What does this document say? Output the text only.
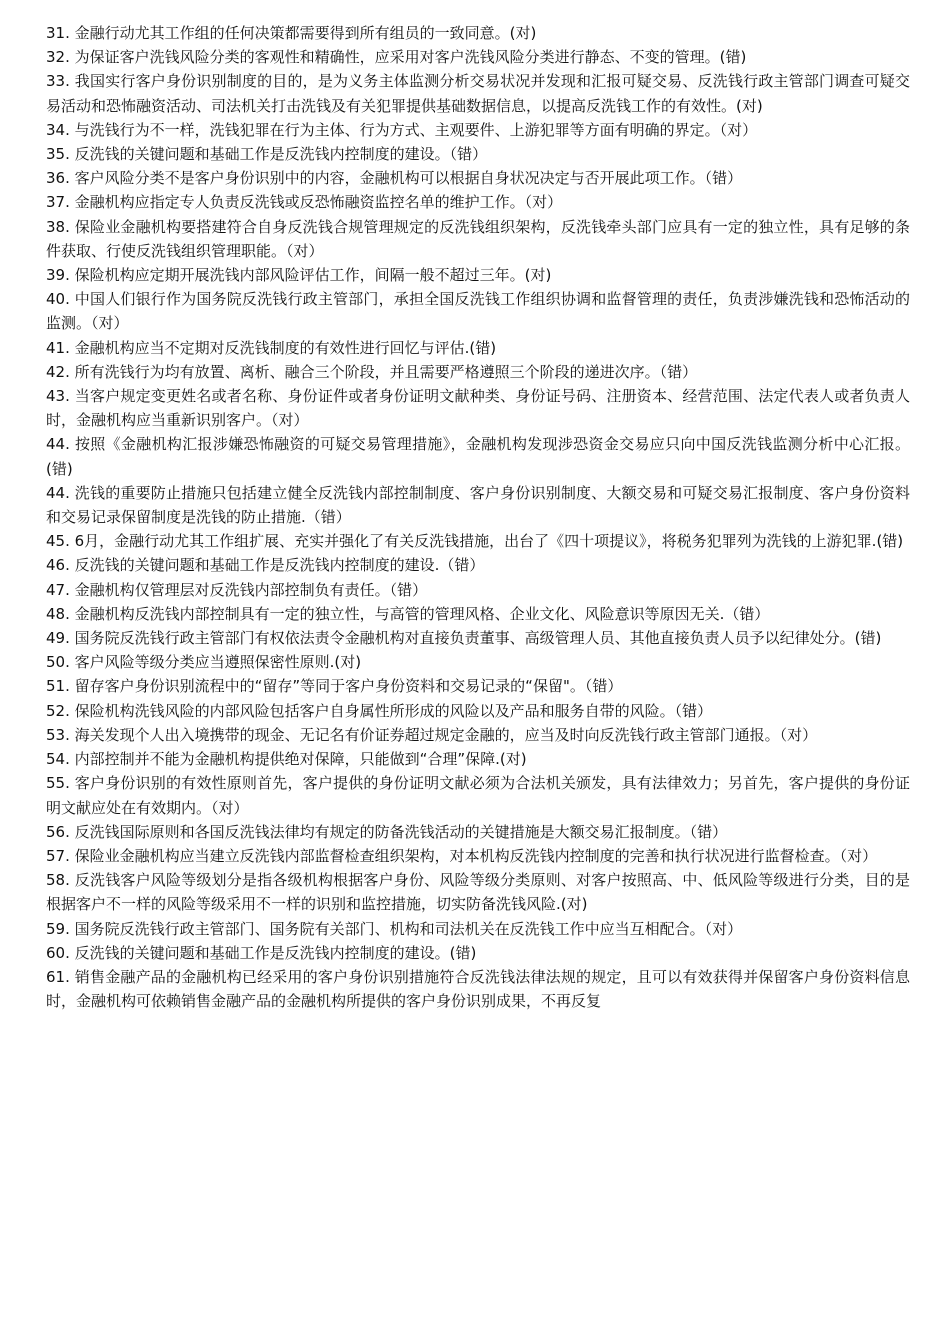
31. 金融行动尤其工作组的任何决策都需要得到所有组员的一致同意。(对)

32. 为保证客户洗钱风险分类的客观性和精确性，应采用对客户洗钱风险分类进行静态、不变的管理。(错)

33. 我国实行客户身份识别制度的目的，是为义务主体监测分析交易状况并发现和汇报可疑交易、反洗钱行政主管部门调查可疑交易活动和恐怖融资活动、司法机关打击洗钱及有关犯罪提供基础数据信息，以提高反洗钱工作的有效性。(对)

34. 与洗钱行为不一样，洗钱犯罪在行为主体、行为方式、主观要件、上游犯罪等方面有明确的界定。（对）

35. 反洗钱的关键问题和基础工作是反洗钱内控制度的建设。（错）

36. 客户风险分类不是客户身份识别中的内容，金融机构可以根据自身状况决定与否开展此项工作。（错）

37. 金融机构应指定专人负责反洗钱或反恐怖融资监控名单的维护工作。（对）

38. 保险业金融机构要搭建符合自身反洗钱合规管理规定的反洗钱组织架构，反洗钱牵头部门应具有一定的独立性，具有足够的条件获取、行使反洗钱组织管理职能。（对）

39. 保险机构应定期开展洗钱内部风险评估工作，间隔一般不超过三年。(对)

40. 中国人们银行作为国务院反洗钱行政主管部门，承担全国反洗钱工作组织协调和监督管理的责任，负责涉嫌洗钱和恐怖活动的监测。（对）

41. 金融机构应当不定期对反洗钱制度的有效性进行回忆与评估.(错)

42. 所有洗钱行为均有放置、离析、融合三个阶段，并且需要严格遵照三个阶段的递进次序。（错）

43. 当客户规定变更姓名或者名称、身份证件或者身份证明文献种类、身份证号码、注册资本、经营范围、法定代表人或者负责人时，金融机构应当重新识别客户。（对）

44. 按照《金融机构汇报涉嫌恐怖融资的可疑交易管理措施》，金融机构发现涉恐资金交易应只向中国反洗钱监测分析中心汇报。(错)

44. 洗钱的重要防止措施只包括建立健全反洗钱内部控制制度、客户身份识别制度、大额交易和可疑交易汇报制度、客户身份资料和交易记录保留制度是洗钱的防止措施.（错）

45. 6月，金融行动尤其工作组扩展、充实并强化了有关反洗钱措施，出台了《四十项提议》，将税务犯罪列为洗钱的上游犯罪.(错)

46. 反洗钱的关键问题和基础工作是反洗钱内控制度的建设.（错）

47. 金融机构仅管理层对反洗钱内部控制负有责任。（错）

48. 金融机构反洗钱内部控制具有一定的独立性，与高管的管理风格、企业文化、风险意识等原因无关.（错）

49. 国务院反洗钱行政主管部门有权依法责令金融机构对直接负责董事、高级管理人员、其他直接负责人员予以纪律处分。(错)

50. 客户风险等级分类应当遵照保密性原则.(对)

51. 留存客户身份识别流程中的“留存”等同于客户身份资料和交易记录的“保留"。（错）

52. 保险机构洗钱风险的内部风险包括客户自身属性所形成的风险以及产品和服务自带的风险。（错）

53. 海关发现个人出入境携带的现金、无记名有价证券超过规定金融的，应当及时向反洗钱行政主管部门通报。（对）

54. 内部控制并不能为金融机构提供绝对保障，只能做到“合理”保障.(对)

55. 客户身份识别的有效性原则首先，客户提供的身份证明文献必须为合法机关颁发，具有法律效力；另首先，客户提供的身份证明文献应处在有效期内。（对）

56. 反洗钱国际原则和各国反洗钱法律均有规定的防备洗钱活动的关键措施是大额交易汇报制度。（错）

57. 保险业金融机构应当建立反洗钱内部监督检查组织架构，对本机构反洗钱内控制度的完善和执行状况进行监督检查。（对）

58. 反洗钱客户风险等级划分是指各级机构根据客户身份、风险等级分类原则、对客户按照高、中、低风险等级进行分类，目的是根据客户不一样的风险等级采用不一样的识别和监控措施，切实防备洗钱风险.(对)

59. 国务院反洗钱行政主管部门、国务院有关部门、机构和司法机关在反洗钱工作中应当互相配合。（对）

60. 反洗钱的关键问题和基础工作是反洗钱内控制度的建设。(错)

61. 销售金融产品的金融机构已经采用的客户身份识别措施符合反洗钱法律法规的规定，且可以有效获得并保留客户身份资料信息时，金融机构可依赖销售金融产品的金融机构所提供的客户身份识别成果，不再反复
